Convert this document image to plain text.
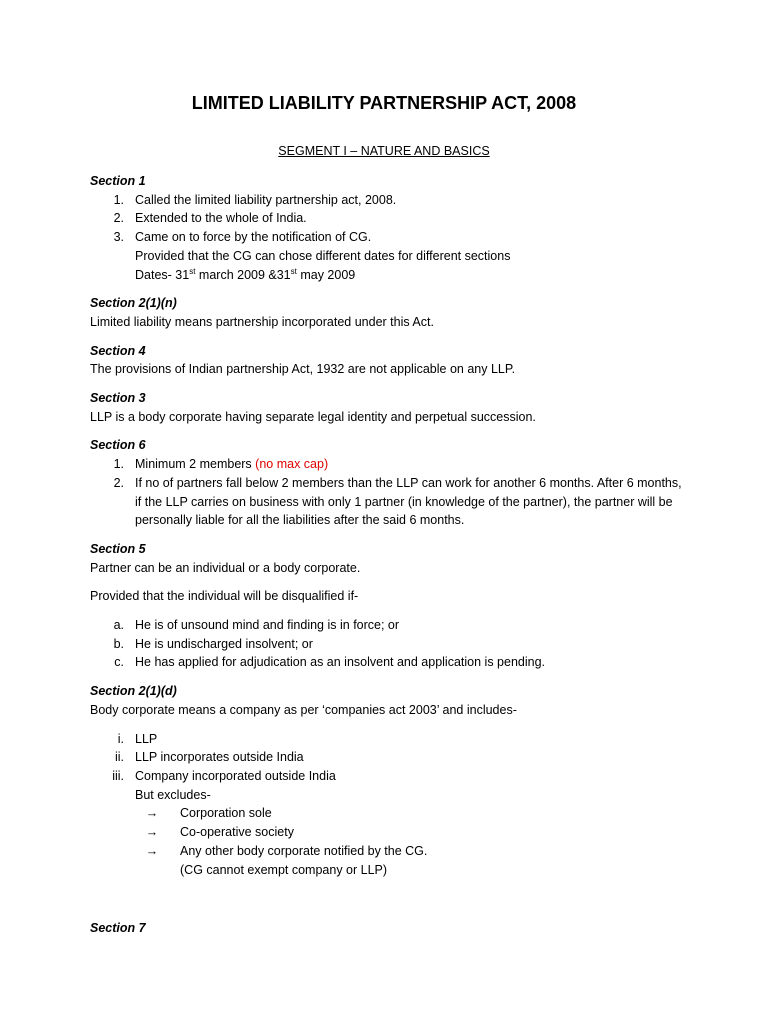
LIMITED LIABILITY PARTNERSHIP ACT, 2008

SEGMENT I – NATURE AND BASICS

Section 1

1. Called the limited liability partnership act, 2008.

2. Extended to the whole of India.

3. Came on to force by the notification of CG.

Provided that the CG can chose different dates for different sections

Dates- 31st march 2009 &31st may 2009

Section 2(1)(n)

Limited liability means partnership incorporated under this Act.

Section 4

The provisions of Indian partnership Act, 1932 are not applicable on any LLP.

Section 3

LLP is a body corporate having separate legal identity and perpetual succession.

Section 6

1. Minimum 2 members (no max cap)

2. If no of partners fall below 2 members than the LLP can work for another 6 months. After 6 months, if the LLP carries on business with only 1 partner (in knowledge of the partner), the partner will be personally liable for all the liabilities after the said 6 months.

Section 5

Partner can be an individual or a body corporate.

Provided that the individual will be disqualified if-

a. He is of unsound mind and finding is in force; or

b. He is undischarged insolvent; or

c. He has applied for adjudication as an insolvent and application is pending.

Section 2(1)(d)

Body corporate means a company as per ‘companies act 2003’ and includes-

i. LLP

ii. LLP incorporates outside India

iii. Company incorporated outside India

But excludes-

→	Corporation sole

→	Co-operative society

→	Any other body corporate notified by the CG.

(CG cannot exempt company or LLP)

Section 7
